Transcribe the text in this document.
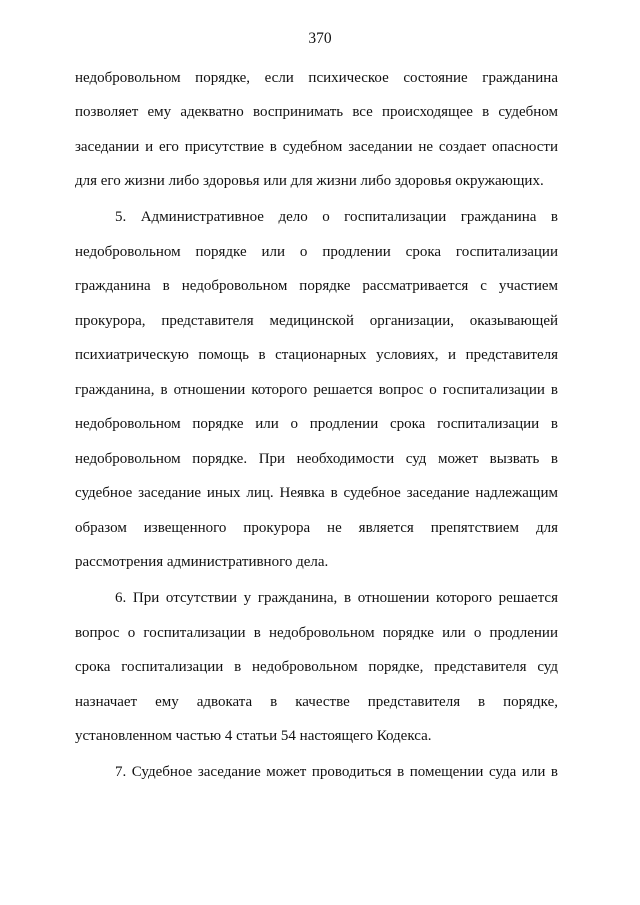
370
недобровольном порядке, если психическое состояние гражданина
позволяет ему адекватно воспринимать все происходящее в судебном
заседании и его присутствие в судебном заседании не создает опасности
для его жизни либо здоровья или для жизни либо здоровья окружающих.
5. Административное дело о госпитализации гражданина в
недобровольном порядке или о продлении срока госпитализации
гражданина в недобровольном порядке рассматривается с участием
прокурора, представителя медицинской организации, оказывающей
психиатрическую помощь в стационарных условиях, и представителя
гражданина, в отношении которого решается вопрос о госпитализации в
недобровольном порядке или о продлении срока госпитализации в
недобровольном порядке. При необходимости суд может вызвать в
судебное заседание иных лиц. Неявка в судебное заседание надлежащим
образом извещенного прокурора не является препятствием для
рассмотрения административного дела.
6. При отсутствии у гражданина, в отношении которого решается
вопрос о госпитализации в недобровольном порядке или о продлении
срока госпитализации в недобровольном порядке, представителя суд
назначает ему адвоката в качестве представителя в порядке,
установленном частью 4 статьи 54 настоящего Кодекса.
7. Судебное заседание может проводиться в помещении суда или в
